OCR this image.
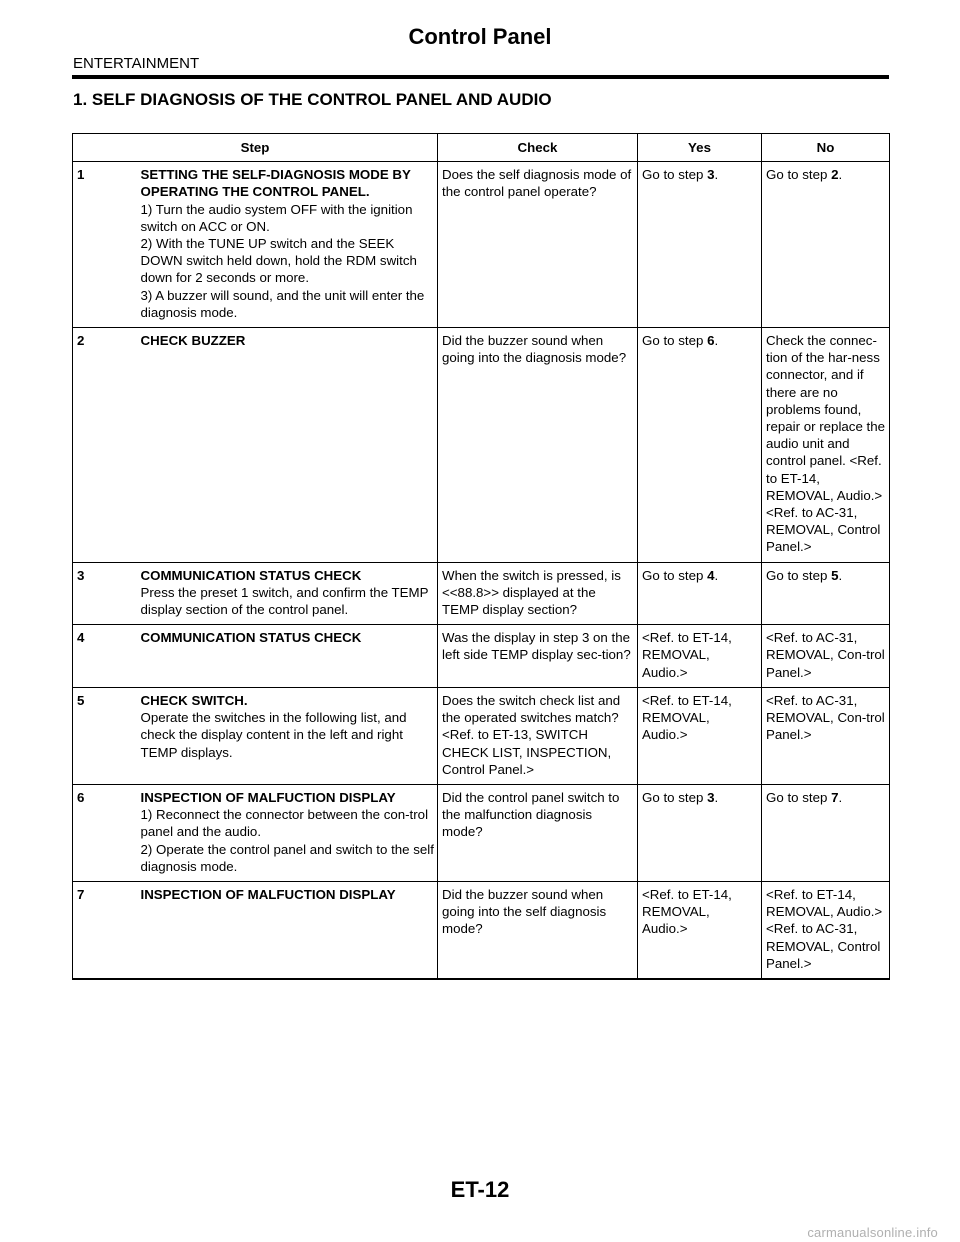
Control Panel
ENTERTAINMENT
1. SELF DIAGNOSIS OF THE CONTROL PANEL AND AUDIO
Step		Check	Yes	No
1	SETTING THE SELF-DIAGNOSIS MODE BY OPERATING THE CONTROL PANEL.
1) Turn the audio system OFF with the ignition switch on ACC or ON.
2) With the TUNE UP switch and the SEEK DOWN switch held down, hold the RDM switch down for 2 seconds or more.
3) A buzzer will sound, and the unit will enter the diagnosis mode.	Does the self diagnosis mode of the control panel operate?	Go to step 3.	Go to step 2.
2	CHECK BUZZER	Did the buzzer sound when going into the diagnosis mode?	Go to step 6.	Check the connec-tion of the har-ness connector, and if there are no problems found, repair or replace the audio unit and control panel. <Ref. to ET-14, REMOVAL, Audio.> <Ref. to AC-31, REMOVAL, Control Panel.>
3	COMMUNICATION STATUS CHECK
Press the preset 1 switch, and confirm the TEMP display section of the control panel.	When the switch is pressed, is <<88.8>> displayed at the TEMP display section?	Go to step 4.	Go to step 5.
4	COMMUNICATION STATUS CHECK	Was the display in step 3 on the left side TEMP display sec-tion?	<Ref. to ET-14, REMOVAL, Audio.>	<Ref. to AC-31, REMOVAL, Con-trol Panel.>
5	CHECK SWITCH.
Operate the switches in the following list, and check the display content in the left and right TEMP displays.	Does the switch check list and the operated switches match? <Ref. to ET-13, SWITCH CHECK LIST, INSPECTION, Control Panel.>	<Ref. to ET-14, REMOVAL, Audio.>	<Ref. to AC-31, REMOVAL, Con-trol Panel.>
6	INSPECTION OF MALFUCTION DISPLAY
1) Reconnect the connector between the con-trol panel and the audio.
2) Operate the control panel and switch to the self diagnosis mode.	Did the control panel switch to the malfunction diagnosis mode?	Go to step 3.	Go to step 7.
7	INSPECTION OF MALFUCTION DISPLAY	Did the buzzer sound when going into the self diagnosis mode?	<Ref. to ET-14, REMOVAL, Audio.>	<Ref. to ET-14, REMOVAL, Audio.> <Ref. to AC-31, REMOVAL, Control Panel.>
ET-12
carmanualsonline.info
